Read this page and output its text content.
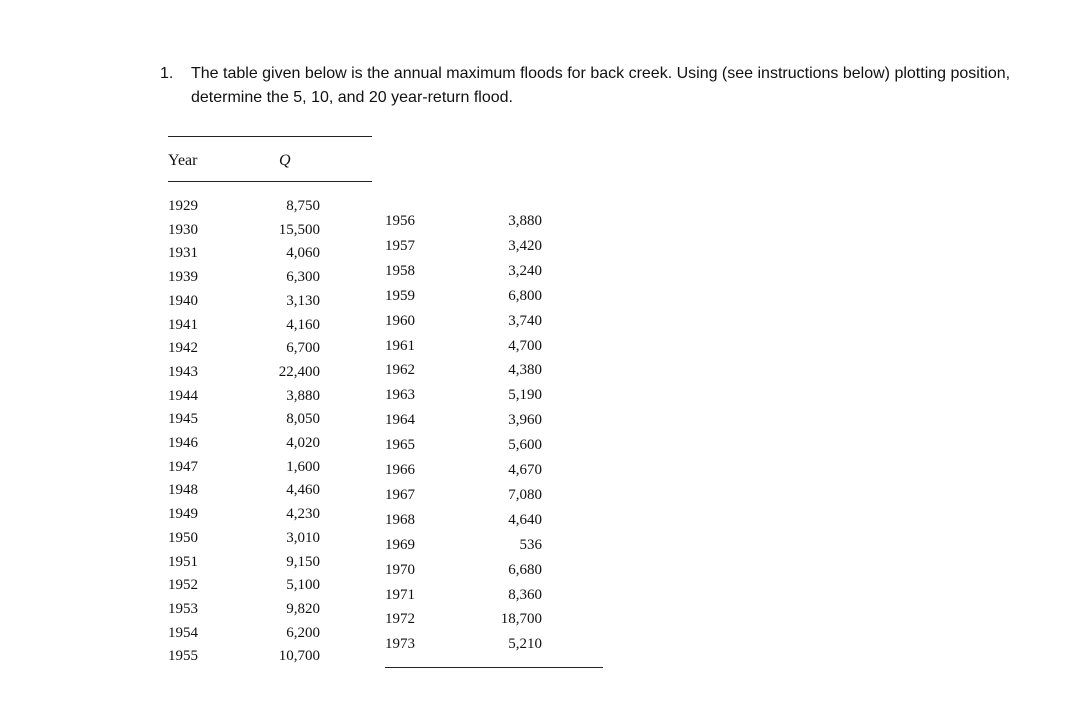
1. The table given below is the annual maximum floods for back creek. Using (see instructions below) plotting position, determine the 5, 10, and 20 year-return flood.
Year	Q
1929
1930
1931
1939
1940
1941
1942
1943
1944
1945
1946
1947
1948
1949
1950
1951
1952
1953
1954
1955
8,750
15,500
4,060
6,300
3,130
4,160
6,700
22,400
3,880
8,050
4,020
1,600
4,460
4,230
3,010
9,150
5,100
9,820
6,200
10,700
1956
1957
1958
1959
1960
1961
1962
1963
1964
1965
1966
1967
1968
1969
1970
1971
1972
1973
3,880
3,420
3,240
6,800
3,740
4,700
4,380
5,190
3,960
5,600
4,670
7,080
4,640
536
6,680
8,360
18,700
5,210
